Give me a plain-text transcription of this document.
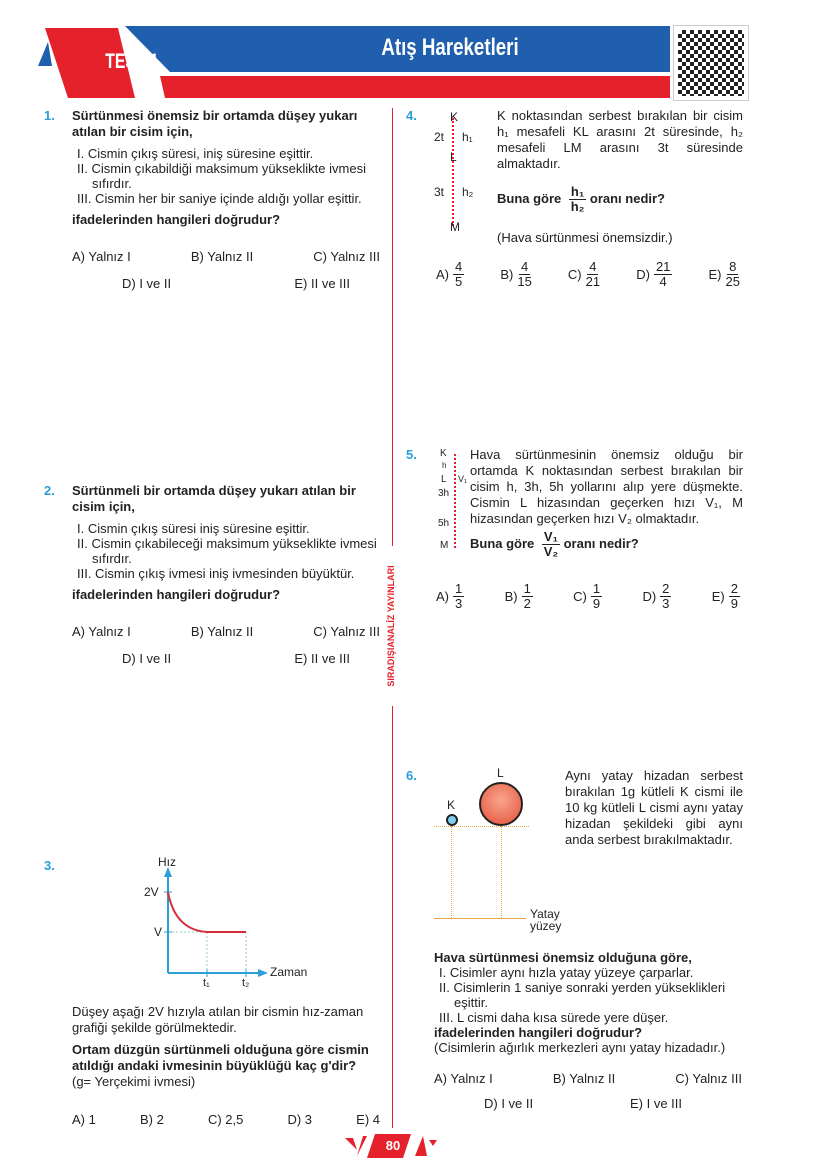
TEST 1
Atış Hareketleri
SIRADIŞIANALİZ YAYINLARI
1. Sürtünmesi önemsiz bir ortamda düşey yukarı atılan bir cisim için,
I. Cismin çıkış süresi, iniş süresine eşittir.
II. Cismin çıkabildiği maksimum yükseklikte ivmesi sıfırdır.
III. Cismin her bir saniye içinde aldığı yollar eşittir.
ifadelerinden hangileri doğrudur?
A) Yalnız I	B) Yalnız II	C) Yalnız III
D) I ve II	E) II ve III
2. Sürtünmeli bir ortamda düşey yukarı atılan bir cisim için,
I. Cismin çıkış süresi iniş süresine eşittir.
II. Cismin çıkabileceği maksimum yükseklikte ivmesi sıfırdır.
III. Cismin çıkış ivmesi iniş ivmesinden büyüktür.
ifadelerinden hangileri doğrudur?
A) Yalnız I	B) Yalnız II	C) Yalnız III
D) I ve II	E) II ve III
3.	Hız
2V
V
Zaman
t₁	t₂
Düşey aşağı 2V hızıyla atılan bir cismin hız-zaman grafiği şekilde görülmektedir.
Ortam düzgün sürtünmeli olduğuna göre cismin atıldığı andaki ivmesinin büyüklüğü kaç g'dir?
(g= Yerçekimi ivmesi)
A) 1	B) 2	C) 2,5	D) 3	E) 4
4.	K
L
M
2t h₁
3t h₂
K noktasından serbest bırakılan bir cisim h₁ mesafeli KL arasını 2t süresinde, h₂ mesafeli LM arasını 3t süresinde almaktadır.
Buna göre $\frac{\text{h₁}}{\text{h₂}}$ oranı nedir?
(Hava sürtünmesi önemsizdir.)
$A) \frac{4}{5}$	$B) \frac{4}{15}$	$C) \frac{4}{21}$	$D) \frac{21}{4}$	$E) \frac{8}{25}$
5. K
h
L V₁
3h
5h
M
Hava sürtünmesinin önemsiz olduğu bir ortamda K noktasından serbest bırakılan bir cisim h, 3h, 5h yollarını alıp yere düşmekte. Cismin L hizasından geçerken hızı V₁, M hizasından geçerken hızı V₂ olmaktadır.
Buna göre $\frac{\text{V₁}}{\text{V₂}}$ oranı nedir?
$A) \frac{1}{3}$	$B) \frac{1}{2}$	$C) \frac{1}{9}$	$D) \frac{2}{3}$	$E) \frac{2}{9}$
6.
K
L
Yatay yüzey
Aynı yatay hizadan serbest bırakılan 1g kütleli K cismi ile 10 kg kütleli L cismi aynı yatay hizadan şekildeki gibi aynı anda serbest bırakılmaktadır.
Hava sürtünmesi önemsiz olduğuna göre,
I. Cisimler aynı hızla yatay yüzeye çarparlar.
II. Cisimlerin 1 saniye sonraki yerden yükseklikleri eşittir.
III. L cismi daha kısa sürede yere düşer.
ifadelerinden hangileri doğrudur?
(Cisimlerin ağırlık merkezleri aynı yatay hizadadır.)
A) Yalnız I	B) Yalnız II	C) Yalnız III
D) I ve II	E) I ve III
80
